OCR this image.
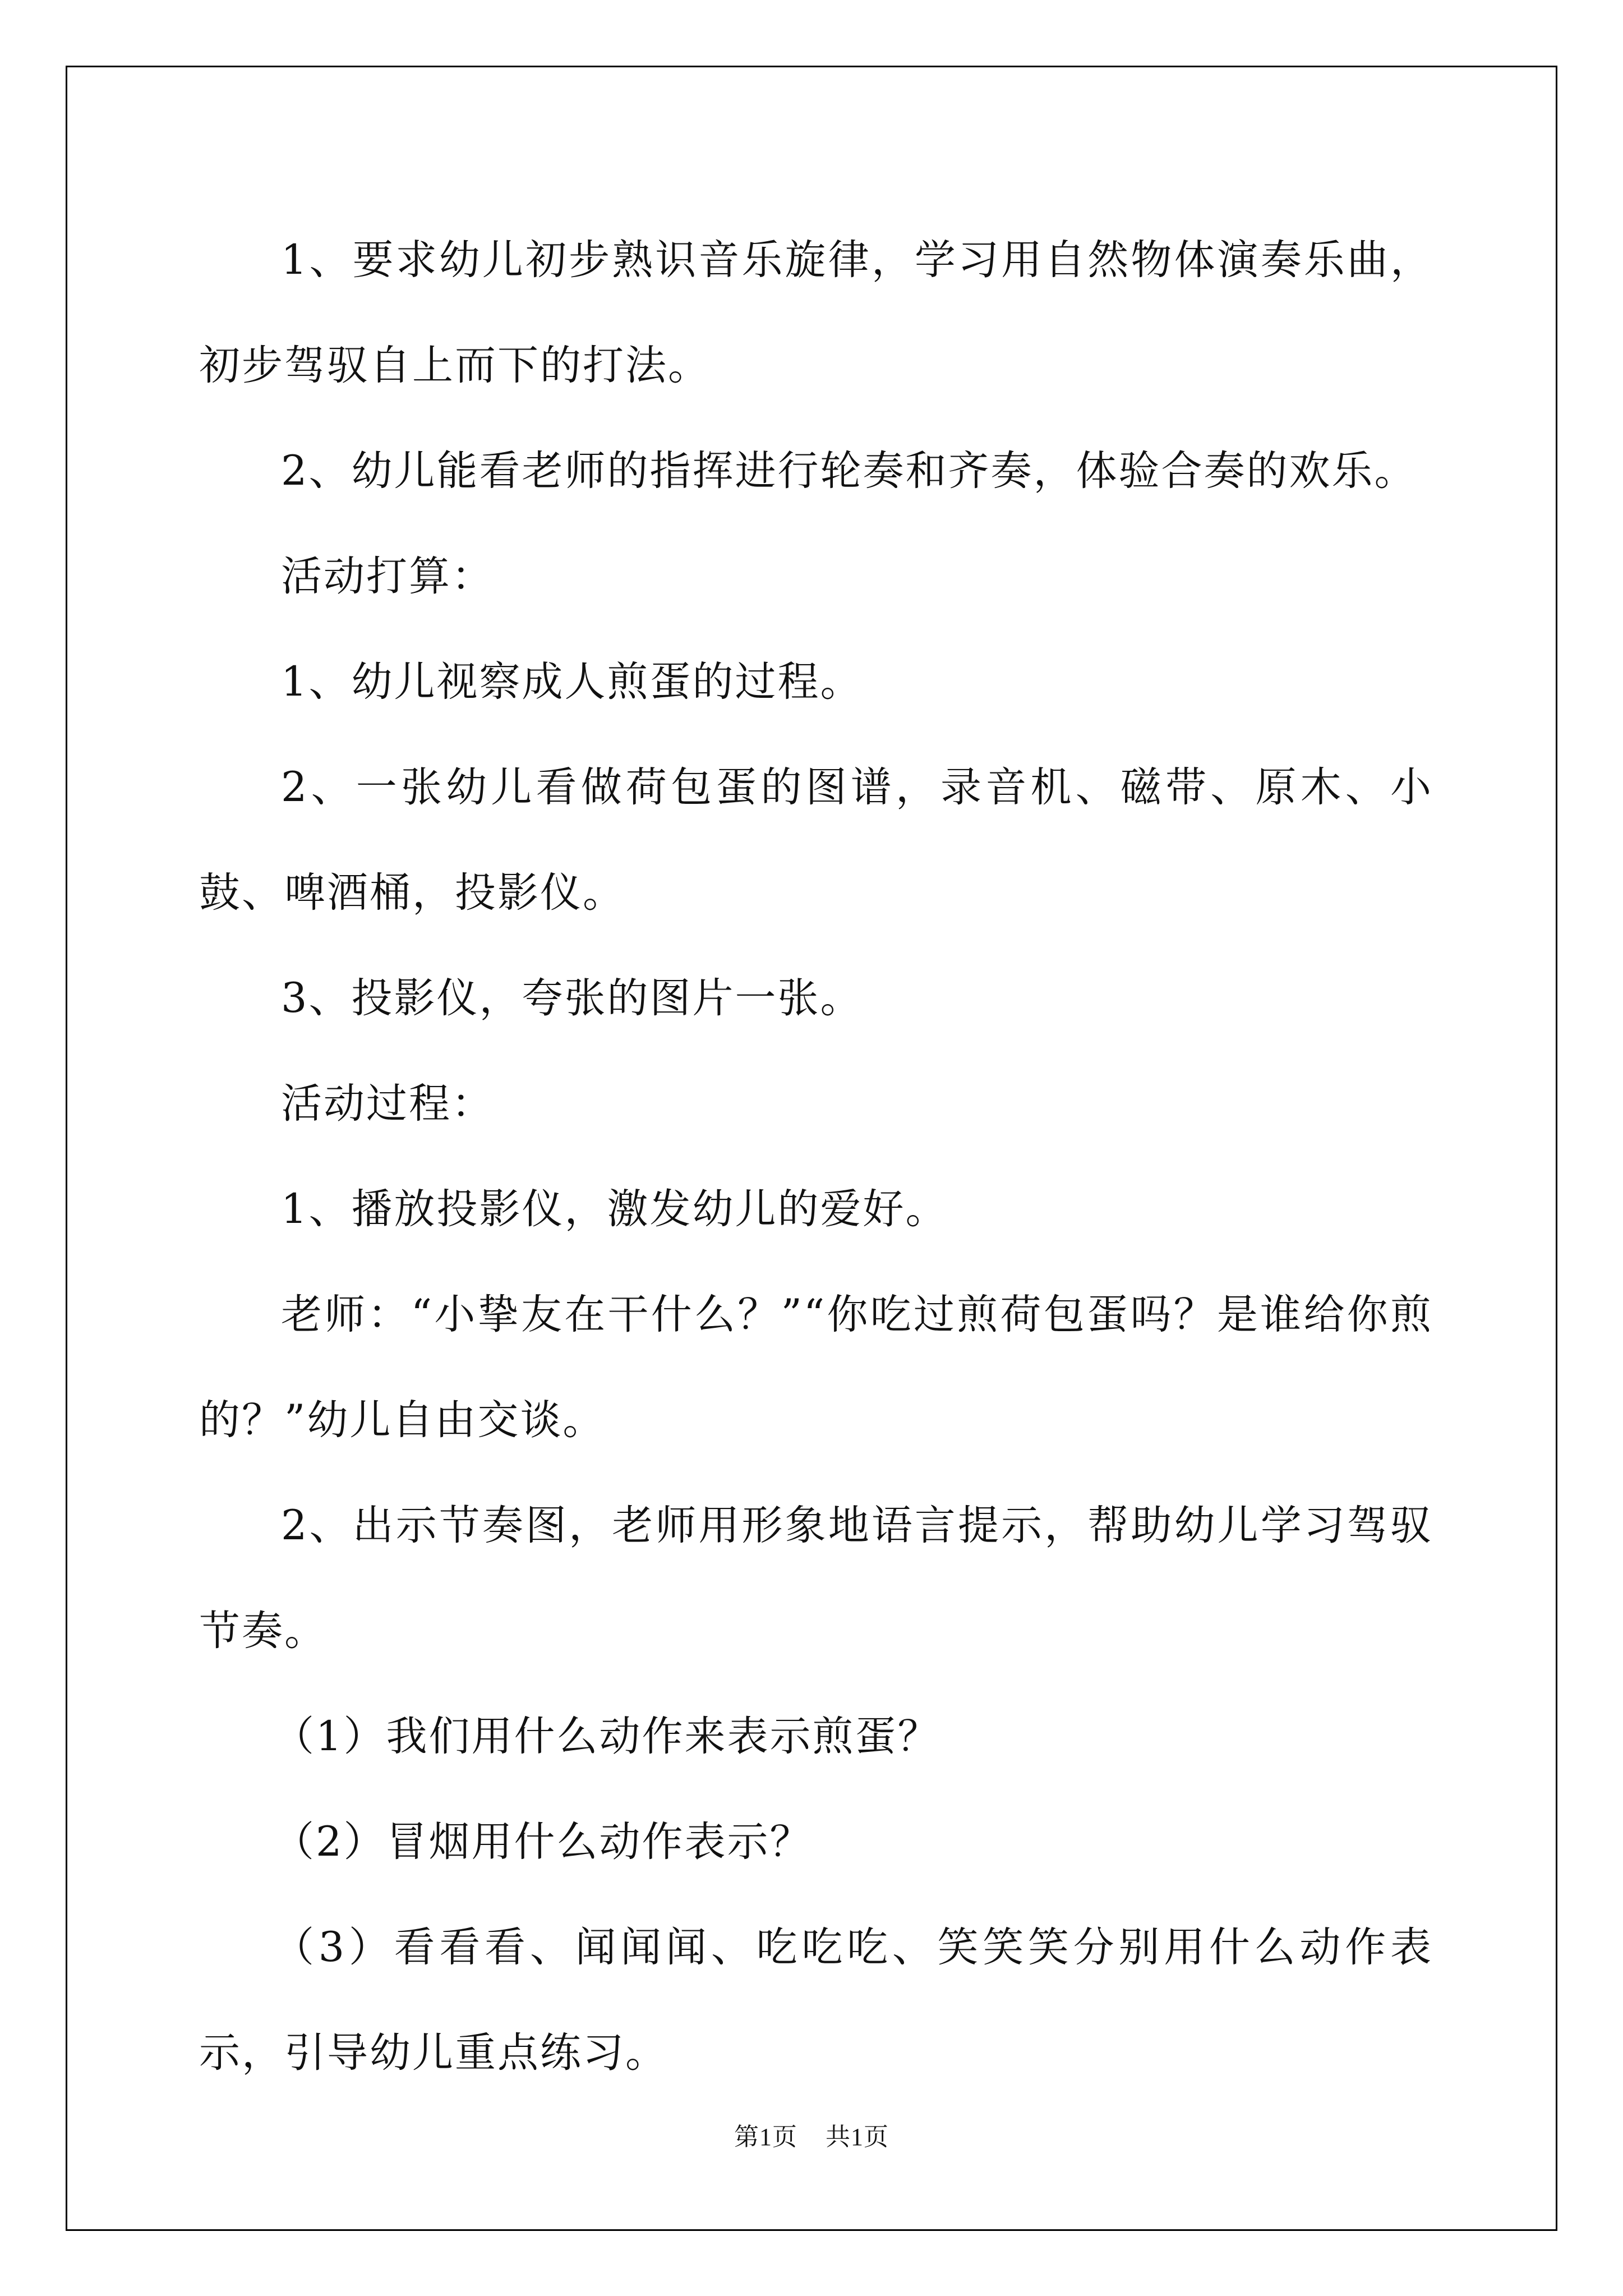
1、要求幼儿初步熟识音乐旋律，学习用自然物体演奏乐曲，初步驾驭自上而下的打法。

2、幼儿能看老师的指挥进行轮奏和齐奏，体验合奏的欢乐。

活动打算：

1、幼儿视察成人煎蛋的过程。

2、一张幼儿看做荷包蛋的图谱，录音机、磁带、原木、小鼓、啤酒桶，投影仪。

3、投影仪，夸张的图片一张。

活动过程：

1、播放投影仪，激发幼儿的爱好。

老师：“小挚友在干什么？”“你吃过煎荷包蛋吗？是谁给你煎的？”幼儿自由交谈。

2、出示节奏图，老师用形象地语言提示，帮助幼儿学习驾驭节奏。

（1）我们用什么动作来表示煎蛋？

（2）冒烟用什么动作表示？

（3）看看看、闻闻闻、吃吃吃、笑笑笑分别用什么动作表示，引导幼儿重点练习。

第1页 共1页
